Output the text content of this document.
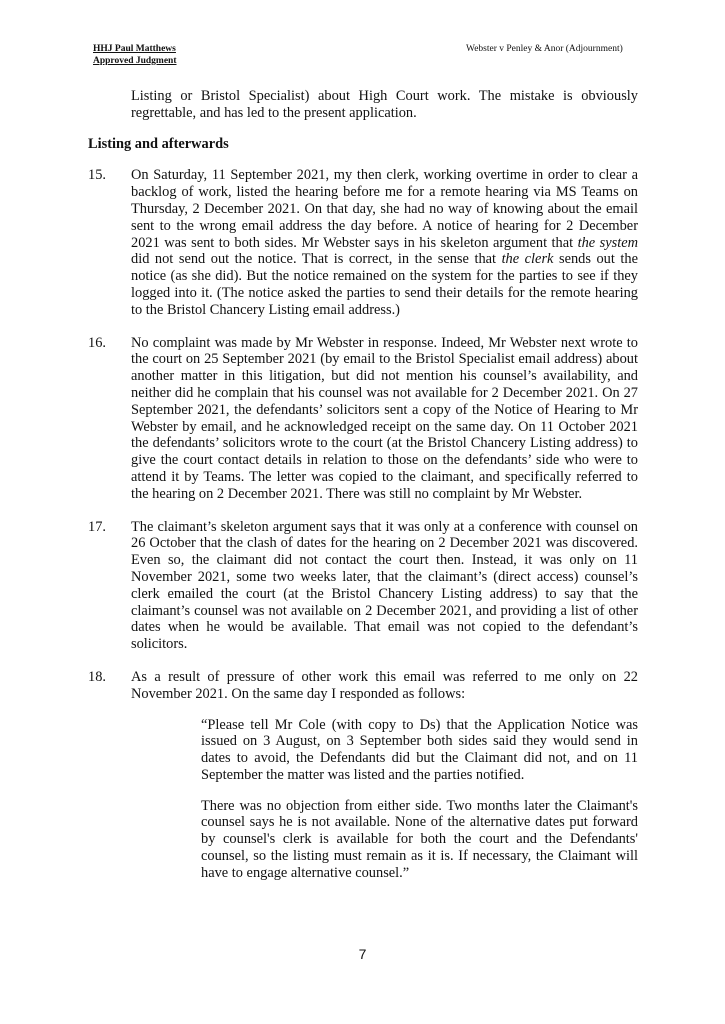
HHJ Paul Matthews
Approved Judgment
Webster v Penley & Anor (Adjournment)

Listing or Bristol Specialist) about High Court work. The mistake is obviously regrettable, and has led to the present application.

Listing and afterwards

15.	On Saturday, 11 September 2021, my then clerk, working overtime in order to clear a backlog of work, listed the hearing before me for a remote hearing via MS Teams on Thursday, 2 December 2021. On that day, she had no way of knowing about the email sent to the wrong email address the day before. A notice of hearing for 2 December 2021 was sent to both sides. Mr Webster says in his skeleton argument that the system did not send out the notice. That is correct, in the sense that the clerk sends out the notice (as she did). But the notice remained on the system for the parties to see if they logged into it. (The notice asked the parties to send their details for the remote hearing to the Bristol Chancery Listing email address.)
16.	No complaint was made by Mr Webster in response. Indeed, Mr Webster next wrote to the court on 25 September 2021 (by email to the Bristol Specialist email address) about another matter in this litigation, but did not mention his counsel’s availability, and neither did he complain that his counsel was not available for 2 December 2021. On 27 September 2021, the defendants’ solicitors sent a copy of the Notice of Hearing to Mr Webster by email, and he acknowledged receipt on the same day. On 11 October 2021 the defendants’ solicitors wrote to the court (at the Bristol Chancery Listing address) to give the court contact details in relation to those on the defendants’ side who were to attend it by Teams. The letter was copied to the claimant, and specifically referred to the hearing on 2 December 2021. There was still no complaint by Mr Webster.
17.	The claimant’s skeleton argument says that it was only at a conference with counsel on 26 October that the clash of dates for the hearing on 2 December 2021 was discovered. Even so, the claimant did not contact the court then. Instead, it was only on 11 November 2021, some two weeks later, that the claimant’s (direct access) counsel’s clerk emailed the court (at the Bristol Chancery Listing address) to say that the claimant’s counsel was not available on 2 December 2021, and providing a list of other dates when he would be available. That email was not copied to the defendant’s solicitors.
18.	As a result of pressure of other work this email was referred to me only on 22 November 2021. On the same day I responded as follows:

“Please tell Mr Cole (with copy to Ds) that the Application Notice was issued on 3 August, on 3 September both sides said they would send in dates to avoid, the Defendants did but the Claimant did not, and on 11 September the matter was listed and the parties notified.

There was no objection from either side. Two months later the Claimant's counsel says he is not available. None of the alternative dates put forward by counsel's clerk is available for both the court and the Defendants' counsel, so the listing must remain as it is. If necessary, the Claimant will have to engage alternative counsel.”

7
